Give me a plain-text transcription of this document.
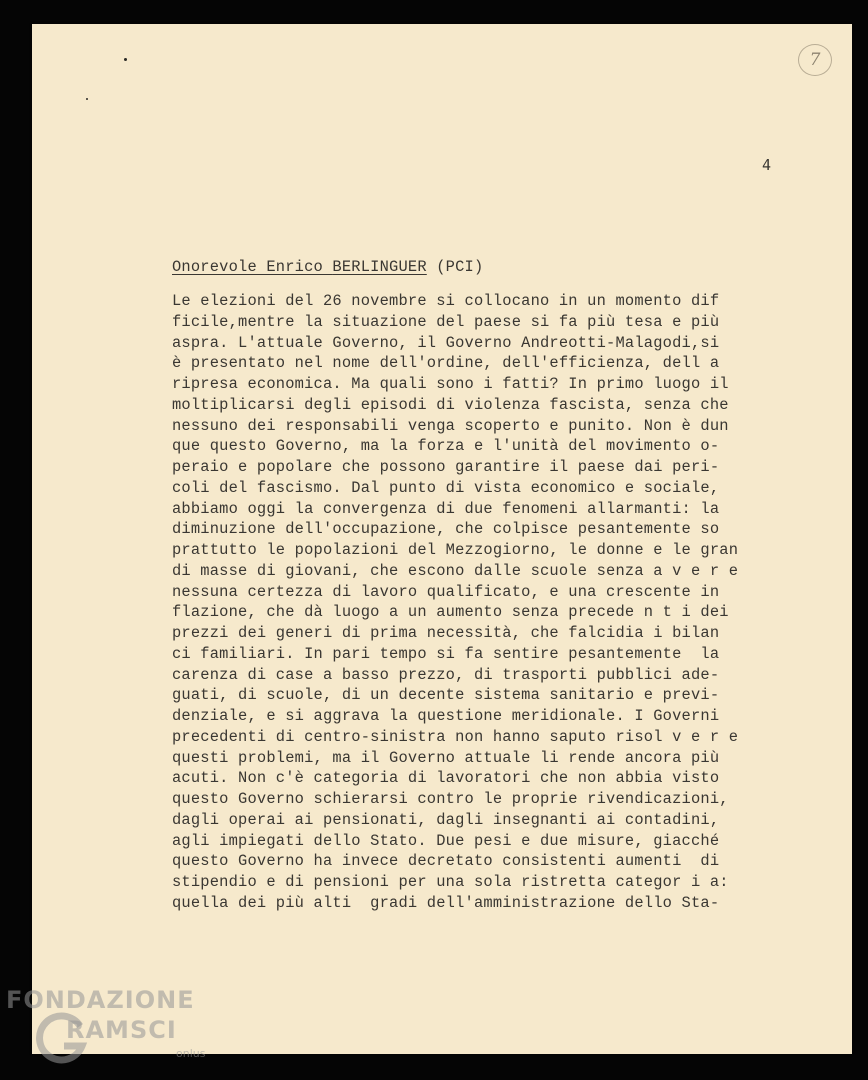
7
4
Onorevole Enrico BERLINGUER (PCI)
Le elezioni del 26 novembre si collocano in un momento dif
ficile,mentre la situazione del paese si fa più tesa e più
aspra. L'attuale Governo, il Governo Andreotti-Malagodi,si
è presentato nel nome dell'ordine, dell'efficienza, dell a
ripresa economica. Ma quali sono i fatti? In primo luogo il
moltiplicarsi degli episodi di violenza fascista, senza che
nessuno dei responsabili venga scoperto e punito. Non è dun
que questo Governo, ma la forza e l'unità del movimento o-
peraio e popolare che possono garantire il paese dai peri-
coli del fascismo. Dal punto di vista economico e sociale,
abbiamo oggi la convergenza di due fenomeni allarmanti: la
diminuzione dell'occupazione, che colpisce pesantemente so
prattutto le popolazioni del Mezzogiorno, le donne e le gran
di masse di giovani, che escono dalle scuole senza a v e r e
nessuna certezza di lavoro qualificato, e una crescente in
flazione, che dà luogo a un aumento senza precede n t i dei
prezzi dei generi di prima necessità, che falcidia i bilan
ci familiari. In pari tempo si fa sentire pesantemente  la
carenza di case a basso prezzo, di trasporti pubblici ade-
guati, di scuole, di un decente sistema sanitario e previ-
denziale, e si aggrava la questione meridionale. I Governi
precedenti di centro-sinistra non hanno saputo risol v e r e
questi problemi, ma il Governo attuale li rende ancora più
acuti. Non c'è categoria di lavoratori che non abbia visto
questo Governo schierarsi contro le proprie rivendicazioni,
dagli operai ai pensionati, dagli insegnanti ai contadini,
agli impiegati dello Stato. Due pesi e due misure, giacché
questo Governo ha invece decretato consistenti aumenti  di
stipendio e di pensioni per una sola ristretta categor i a:
quella dei più alti  gradi dell'amministrazione dello Sta-
FONDAZIONE
RAMSCI
onlus
